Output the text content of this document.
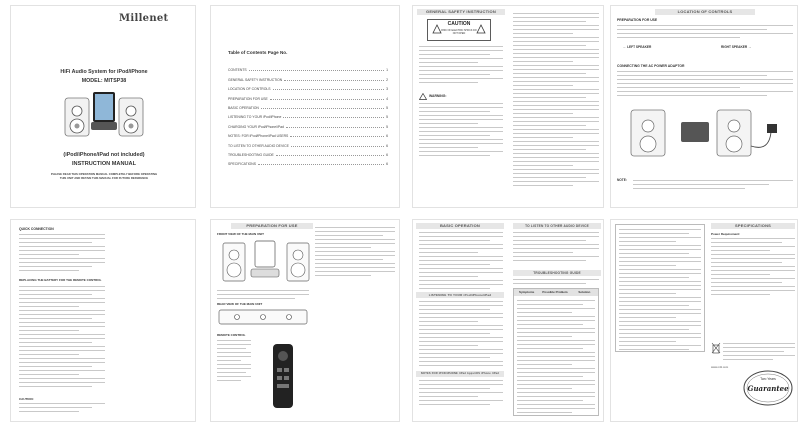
Millenet
HiFi Audio System for iPod/iPhone
MODEL: MITSP38
(iPod/iPhone/iPad not included)
INSTRUCTION MANUAL
PLEASE READ THIS OPERATION MANUAL COMPLETELY BEFORE OPERATING THIS UNIT AND RETAIN THIS MANUAL FOR FUTURE REFERENCE
Table of Contents Page No.
CONTENTS	1
GENERAL SAFETY INSTRUCTION	2
LOCATION OF CONTROLS	3
PREPARATION FOR USE	4
BASIC OPERATION	5
LISTENING TO YOUR iPod/iPhone	5
CHARGING YOUR iPod/iPhone/iPad	5
NOTES: FOR iPod/iPhone/iPad USERS	6
TO LISTEN TO OTHER AUDIO DEVICE	6
TROUBLESHOOTING GUIDE	6
SPECIFICATIONS	6
GENERAL SAFETY INSTRUCTION
CAUTION
RISK OF ELECTRIC SHOCK DO NOT OPEN
WARNING:
LOCATION OF CONTROLS
PREPARATION FOR USE
← LEFT SPEAKER	RIGHT SPEAKER →
CONNECTING THE AC POWER ADAPTOR
NOTE:
QUICK CONNECTION
REPLACING THE BATTERY FOR THE REMOTE CONTROL
CAUTION:
PREPARATION FOR USE
FRONT VIEW OF THE MAIN UNIT
REAR VIEW OF THE MAIN UNIT
REMOTE CONTROL
BASIC OPERATION
LISTENING TO YOUR iPod/iPhone/iPad
NOTES FOR iPOD/iPHONE /iPad Apps/iOS iPhone /iPad
TO LISTEN TO OTHER AUDIO DEVICE
TROUBLESHOOTING GUIDE
Symptoms	Possible Problem	Solution
SPECIFICATIONS
Power Requirement:
www.mitt.com
Two Years
Guarantee
